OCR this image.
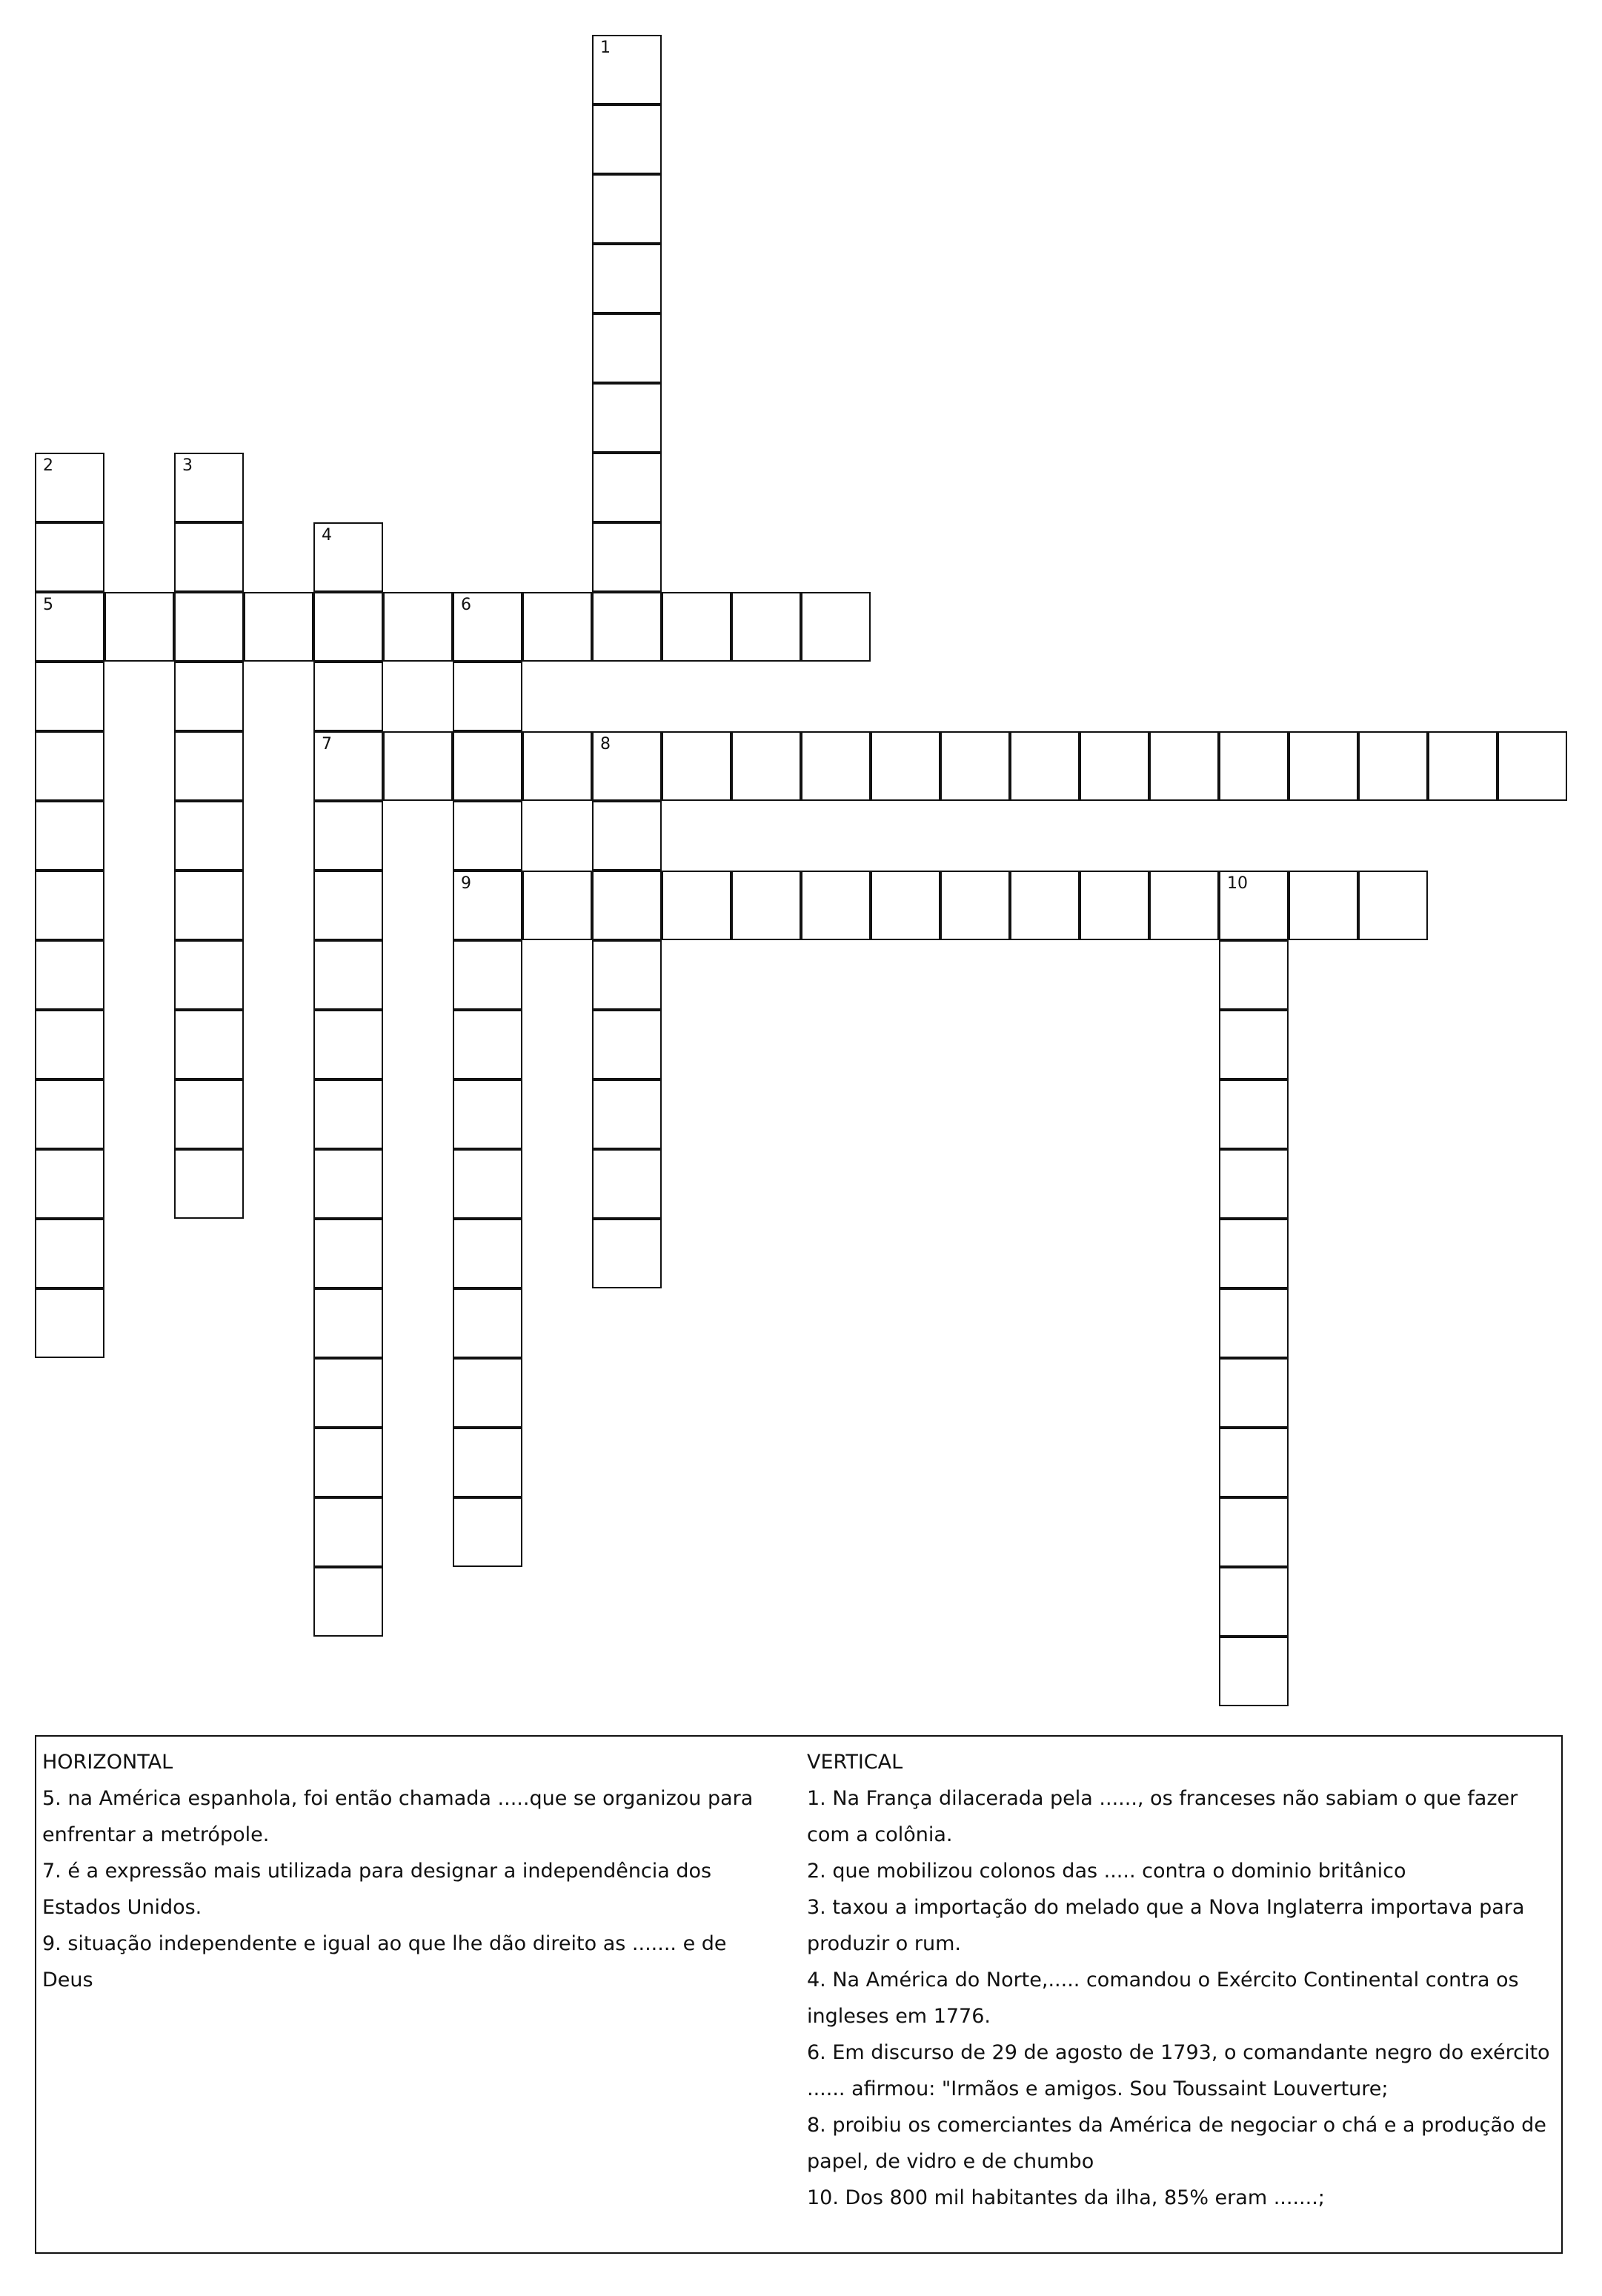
1
2
5
3
4
7
6
9
8
10
HORIZONTAL
5. na América espanhola, foi então chamada .....que se organizou para enfrentar a metrópole.
7. é a expressão mais utilizada para designar a independência dos Estados Unidos.
9. situação independente e igual ao que lhe dão direito as ....... e de Deus
VERTICAL
1. Na França dilacerada pela ......, os franceses não sabiam o que fazer com a colônia.
2. que mobilizou colonos das ..... contra o dominio britânico
3. taxou a importação do melado que a Nova Inglaterra importava para produzir o rum.
4. Na América do Norte,..... comandou o Exército Continental contra os ingleses em 1776.
6. Em discurso de 29 de agosto de 1793, o comandante negro do exército ...... afirmou: "Irmãos e amigos. Sou Toussaint Louverture;
8. proibiu os comerciantes da América de negociar o chá e a produção de papel, de vidro e de chumbo
10. Dos 800 mil habitantes da ilha, 85% eram .......;
